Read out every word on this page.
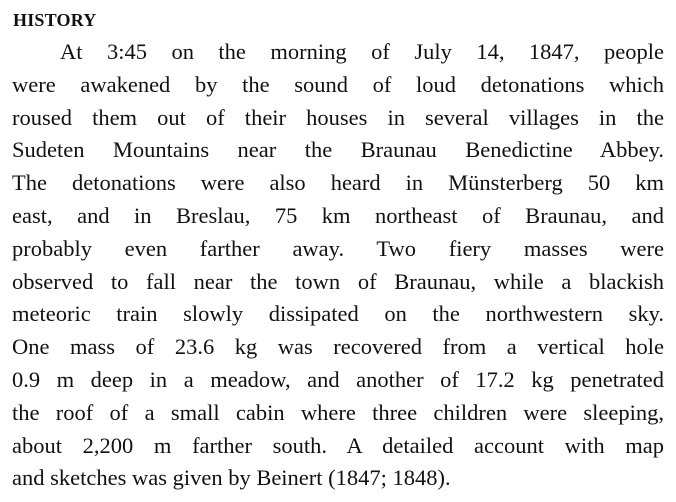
HISTORY
At 3:45 on the morning of July 14, 1847, people
were awakened by the sound of loud detonations which
roused them out of their houses in several villages in the
Sudeten Mountains near the Braunau Benedictine Abbey.
The detonations were also heard in Münsterberg 50 km
east, and in Breslau, 75 km northeast of Braunau, and
probably even farther away. Two fiery masses were
observed to fall near the town of Braunau, while a blackish
meteoric train slowly dissipated on the northwestern sky.
One mass of 23.6 kg was recovered from a vertical hole
0.9 m deep in a meadow, and another of 17.2 kg penetrated
the roof of a small cabin where three children were sleeping,
about 2,200 m farther south. A detailed account with map
and sketches was given by Beinert (1847; 1848).
